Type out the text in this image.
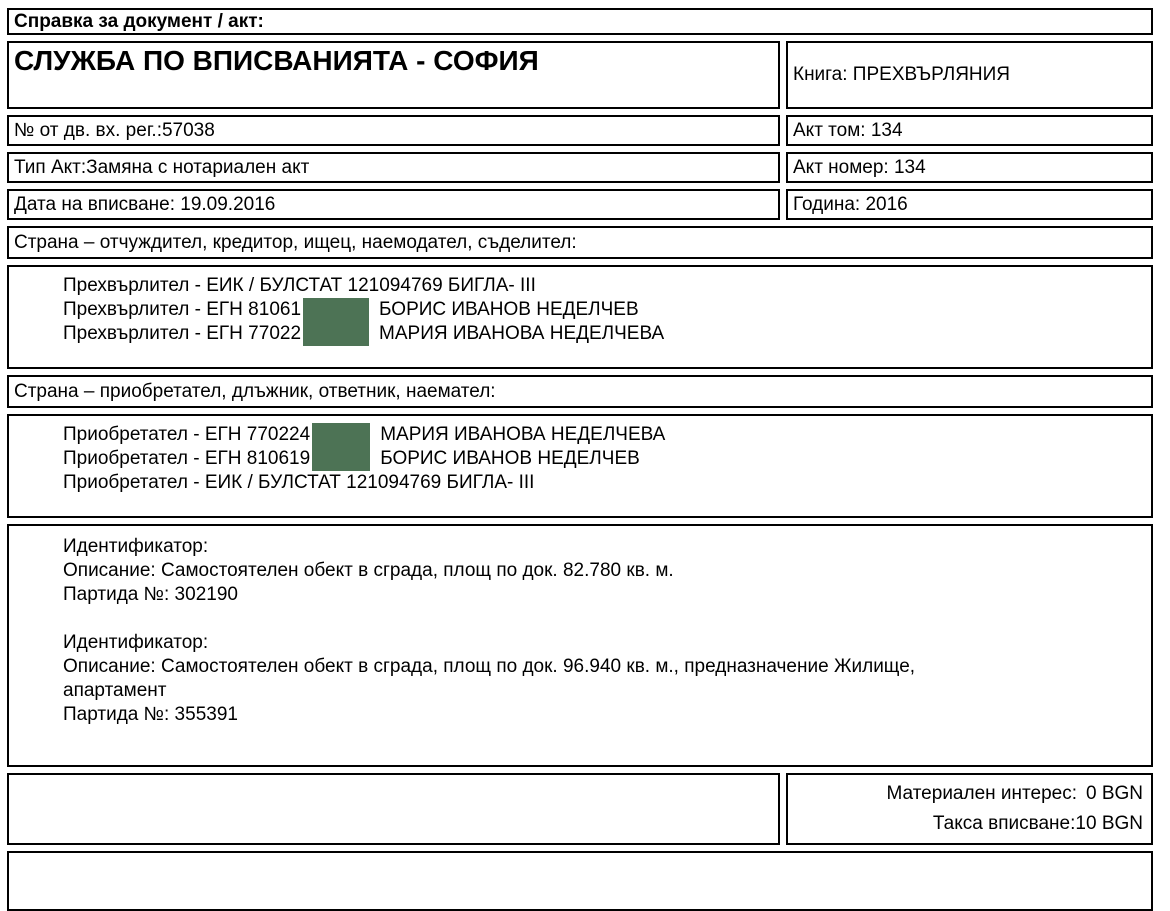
Справка за документ / акт:
СЛУЖБА ПО ВПИСВАНИЯТА - СОФИЯ	Книга: ПРЕХВЪРЛЯНИЯ
№ от дв. вх. рег.:57038	Акт том: 134
Тип Акт:Замяна с нотариален акт	Акт номер: 134
Дата на вписване: 19.09.2016	Година: 2016
Страна – отчуждител, кредитор, ищец, наемодател, съделител:
Прехвърлител - ЕИК / БУЛСТАТ 121094769 БИГЛА- III
Прехвърлител - ЕГН 81061	БОРИС ИВАНОВ НЕДЕЛЧЕВ
Прехвърлител - ЕГН 77022	МАРИЯ ИВАНОВА НЕДЕЛЧЕВА
Страна – приобретател, длъжник, ответник, наемател:
Приобретател - ЕГН 770224	МАРИЯ ИВАНОВА НЕДЕЛЧЕВА
Приобретател - ЕГН 810619	БОРИС ИВАНОВ НЕДЕЛЧЕВ
Приобретател - ЕИК / БУЛСТАТ 121094769 БИГЛА- III
Идентификатор:
Описание: Самостоятелен обект в сграда, площ по док. 82.780 кв. м.
Партида №: 302190
Идентификатор:
Описание: Самостоятелен обект в сграда, площ по док. 96.940 кв. м., предназначение Жилище,
апартамент
Партида №: 355391
Материален интерес: 0 BGN
Такса вписване:10 BGN
